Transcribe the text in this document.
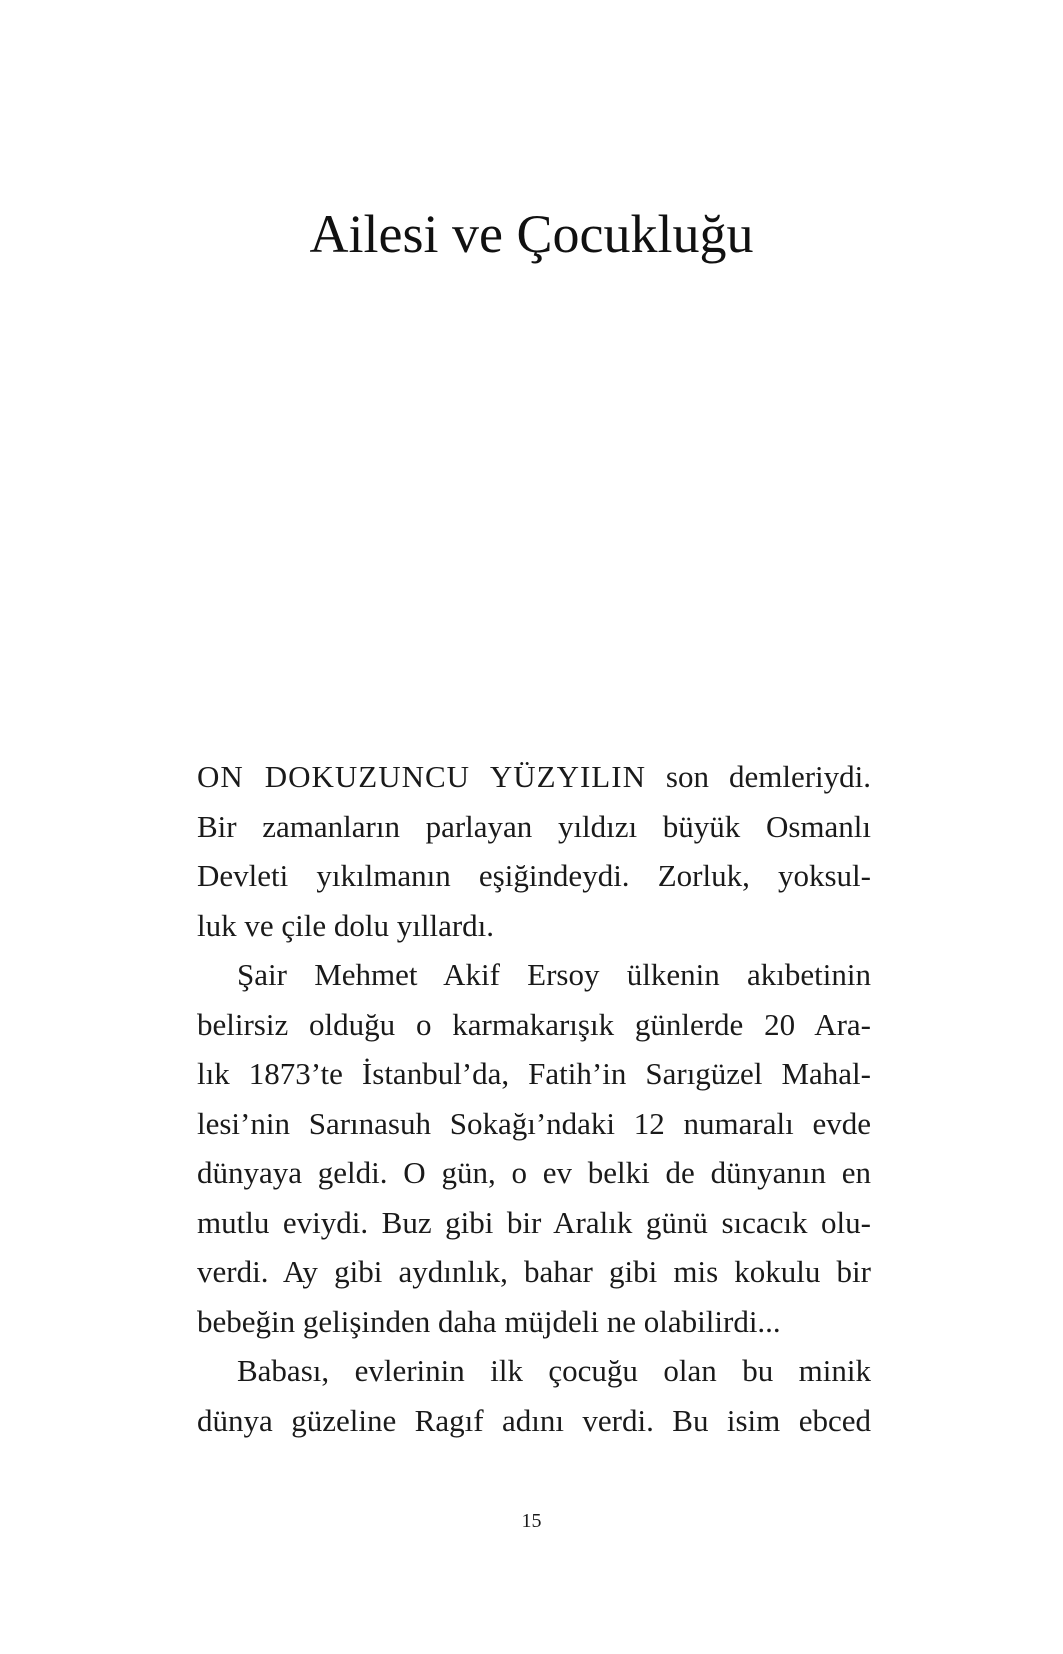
Ailesi ve Çocukluğu
ON DOKUZUNCU YÜZYILIN son demleriydi.
Bir zamanların parlayan yıldızı büyük Osmanlı
Devleti yıkılmanın eşiğindeydi. Zorluk, yoksul-
luk ve çile dolu yıllardı.
Şair Mehmet Akif Ersoy ülkenin akıbetinin
belirsiz olduğu o karmakarışık günlerde 20 Ara-
lık 1873’te İstanbul’da, Fatih’in Sarıgüzel Mahal-
lesi’nin Sarınasuh Sokağı’ndaki 12 numaralı evde
dünyaya geldi. O gün, o ev belki de dünyanın en
mutlu eviydi. Buz gibi bir Aralık günü sıcacık olu-
verdi. Ay gibi aydınlık, bahar gibi mis kokulu bir
bebeğin gelişinden daha müjdeli ne olabilirdi...
Babası, evlerinin ilk çocuğu olan bu minik
dünya güzeline Ragıf adını verdi. Bu isim ebced
15
